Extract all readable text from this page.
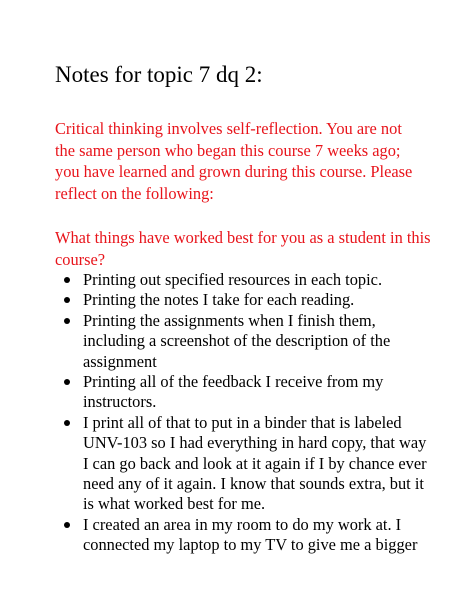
Notes for topic 7 dq 2:

Critical thinking involves self-reflection. You are not the same person who began this course 7 weeks ago; you have learned and grown during this course. Please reflect on the following:

What things have worked best for you as a student in this course?

Printing out specified resources in each topic.
Printing the notes I take for each reading.
Printing the assignments when I finish them, including a screenshot of the description of the assignment
Printing all of the feedback I receive from my instructors.
I print all of that to put in a binder that is labeled UNV-103 so I had everything in hard copy, that way I can go back and look at it again if I by chance ever need any of it again. I know that sounds extra, but it is what worked best for me.
I created an area in my room to do my work at. I connected my laptop to my TV to give me a bigger
